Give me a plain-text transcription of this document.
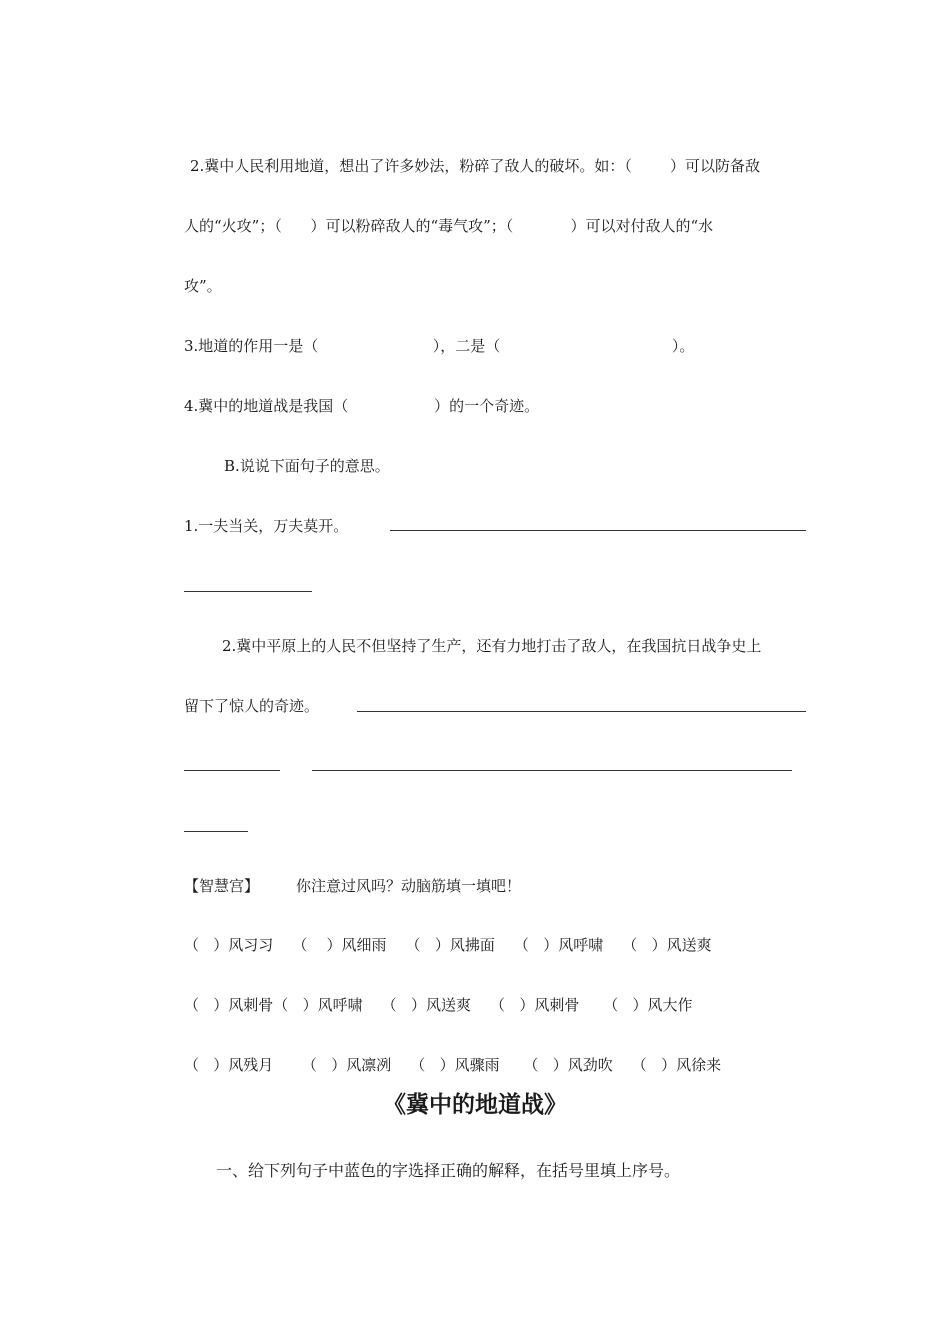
2.冀中人民利用地道，想出了许多妙法，粉碎了敌人的破坏。如：（        ）可以防备敌
人的“火攻”；（      ）可以粉碎敌人的“毒气攻”；（            ）可以对付敌人的“水
攻”。
3.地道的作用一是（                        ），二是（                                    ）。
4.冀中的地道战是我国（                  ）的一个奇迹。
B.说说下面句子的意思。
1.一夫当关，万夫莫开。
2.冀中平原上的人民不但坚持了生产，还有力地打击了敌人，在我国抗日战争史上
留下了惊人的奇迹。
【智慧宫】 你注意过风吗？动脑筋填一填吧！
（   ）风习习    （    ）风细雨    （   ）风拂面    （   ）风呼啸    （   ）风送爽
（   ）风刺骨（   ）风呼啸    （   ）风送爽    （   ）风刺骨     （   ）风大作
（   ）风残月      （   ）风凛冽    （   ）风骤雨     （   ）风劲吹    （   ）风徐来
《冀中的地道战》
一、给下列句子中蓝色的字选择正确的解释，在括号里填上序号。
